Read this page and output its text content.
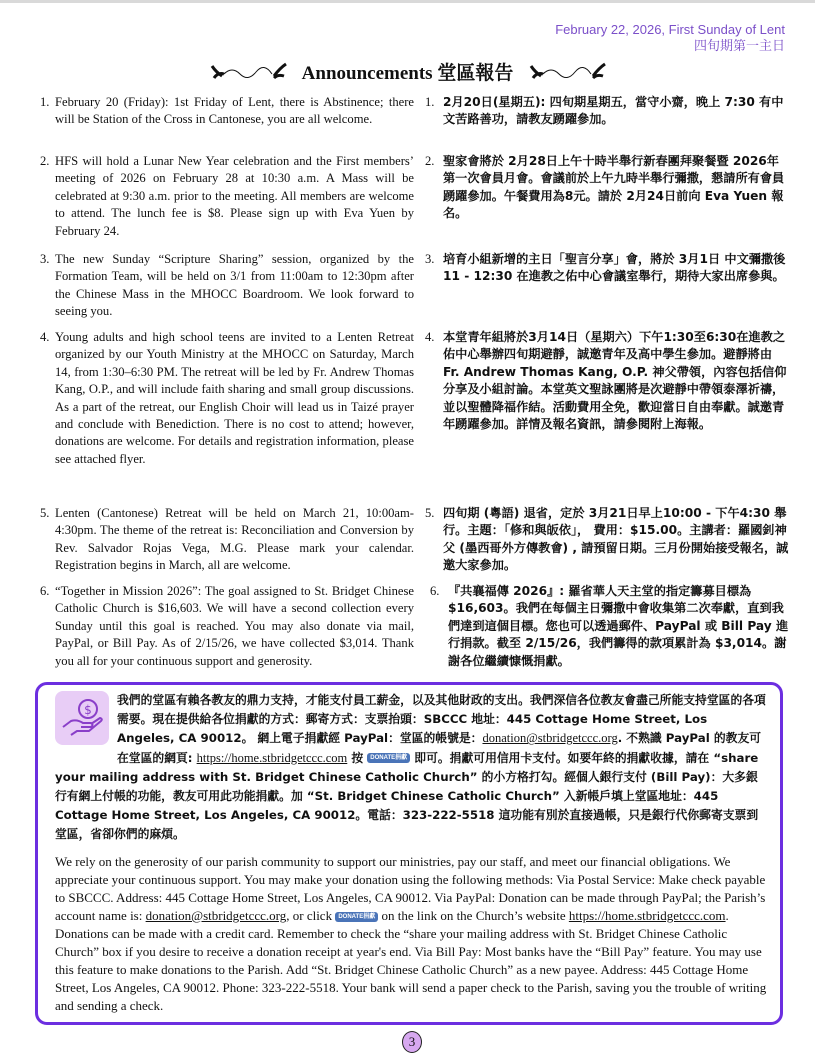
February 22, 2026, First Sunday of Lent
四旬期第一主日
Announcements 堂區報告
1. February 20 (Friday): 1st Friday of Lent, there is Abstinence; there will be Station of the Cross in Cantonese, you are all welcome.
1. 2月20日(星期五): 四旬期星期五，當守小齋，晚上 7:30 有中文苦路善功，請教友踴躍參加。
2. HFS will hold a Lunar New Year celebration and the First members’ meeting of 2026 on February 28 at 10:30 a.m. A Mass will be celebrated at 9:30 a.m. prior to the meeting. All members are welcome to attend. The lunch fee is $8. Please sign up with Eva Yuen by February 24.
2. 聖家會將於 2月28日上午十時半舉行新春團拜聚餐暨 2026年第一次會員月會。會議前於上午九時半舉行彌撒，懇請所有會員踴躍參加。午餐費用為8元。請於 2月24日前向 Eva Yuen 報名。
3. The new Sunday “Scripture Sharing” session, organized by the Formation Team, will be held on 3/1 from 11:00am to 12:30pm after the Chinese Mass in the MHOCC Boardroom. We look forward to seeing you.
3. 培育小組新增的主日「聖言分享」會，將於 3月1日 中文彌撒後 11 - 12:30 在進教之佑中心會議室舉行，期待大家出席參與。
4. Young adults and high school teens are invited to a Lenten Retreat organized by our Youth Ministry at the MHOCC on Saturday, March 14, from 1:30–6:30 PM. The retreat will be led by Fr. Andrew Thomas Kang, O.P., and will include faith sharing and small group discussions. As a part of the retreat, our English Choir will lead us in Taizé prayer and conclude with Benediction. There is no cost to attend; however, donations are welcome. For details and registration information, please see attached flyer.
4. 本堂青年組將於3月14日（星期六）下午1:30至6:30在進教之佑中心舉辦四旬期避靜，誠邀青年及高中學生參加。避靜將由 Fr. Andrew Thomas Kang, O.P. 神父帶領，內容包括信仰分享及小組討論。本堂英文聖詠團將是次避靜中帶領泰澤祈禱，並以聖體降福作結。活動費用全免，歡迎當日自由奉獻。誠邀青年踴躍參加。詳情及報名資訊，請參閱附上海報。
5. Lenten (Cantonese) Retreat will be held on March 21, 10:00am-4:30pm. The theme of the retreat is: Reconciliation and Conversion by Rev. Salvador Rojas Vega, M.G. Please mark your calendar. Registration begins in March, all are welcome.
5. 四旬期 (粵語) 退省，定於 3月21日早上10:00 - 下午4:30 舉行。主題：「修和與皈依」， 費用：$15.00。主講者：羅國釗神父 (墨西哥外方傳教會) , 請預留日期。三月份開始接受報名，誠邀大家參加。
6. “Together in Mission 2026”: The goal assigned to St. Bridget Chinese Catholic Church is $16,603. We will have a second collection every Sunday until this goal is reached. You may also donate via mail, PayPal, or Bill Pay. As of 2/15/26, we have collected $3,014. Thank you all for your continuous support and generosity.
6. 『共襄福傳 2026』: 羅省華人天主堂的指定籌募目標為 $16,603。我們在每個主日彌撒中會收集第二次奉獻，直到我們達到這個目標。您也可以透過郵件、PayPal 或 Bill Pay 進行捐款。截至 2/15/26，我們籌得的款項累計為 $3,014。謝謝各位繼續慷慨捐獻。
$
我們的堂區有賴各教友的鼎力支持，才能支付員工薪金，以及其他財政的支出。我們深信各位教友會盡己所能支持堂區的各項需要。現在提供給各位捐獻的方式：郵寄方式：支票抬頭：SBCCC 地址：445 Cottage Home Street, Los Angeles, CA 90012。 網上電子捐獻經 PayPal：堂區的帳號是：donation@stbridgetccc.org. 不熟識 PayPal 的教友可在堂區的網頁: https://home.stbridgetccc.com 按 DONATE捐獻 即可。捐獻可用信用卡支付。如要年終的捐獻收據，請在 “share your mailing address with St. Bridget Chinese Catholic Church” 的小方格打勾。經個人銀行支付 (Bill Pay)：大多銀行有網上付帳的功能，教友可用此功能捐獻。加 “St. Bridget Chinese Catholic Church” 入新帳戶填上堂區地址：445 Cottage Home Street, Los Angeles, CA 90012。電話：323-222-5518 這功能有別於直接過帳，只是銀行代你郵寄支票到堂區，省卻你們的麻煩。
We rely on the generosity of our parish community to support our ministries, pay our staff, and meet our financial obligations. We appreciate your continuous support. You may make your donation using the following methods: Via Postal Service: Make check payable to SBCCC. Address: 445 Cottage Home Street, Los Angeles, CA 90012. Via PayPal: Donation can be made through PayPal; the Parish’s account name is: donation@stbridgetccc.org, or click DONATE捐獻 on the link on the Church’s website https://home.stbridgetccc.com. Donations can be made with a credit card. Remember to check the “share your mailing address with St. Bridget Chinese Catholic Church” box if you desire to receive a donation receipt at year's end. Via Bill Pay: Most banks have the “Bill Pay” feature. You may use this feature to make donations to the Parish. Add “St. Bridget Chinese Catholic Church” as a new payee. Address: 445 Cottage Home Street, Los Angeles, CA 90012. Phone: 323-222-5518. Your bank will send a paper check to the Parish, saving you the trouble of writing and sending a check.
3
